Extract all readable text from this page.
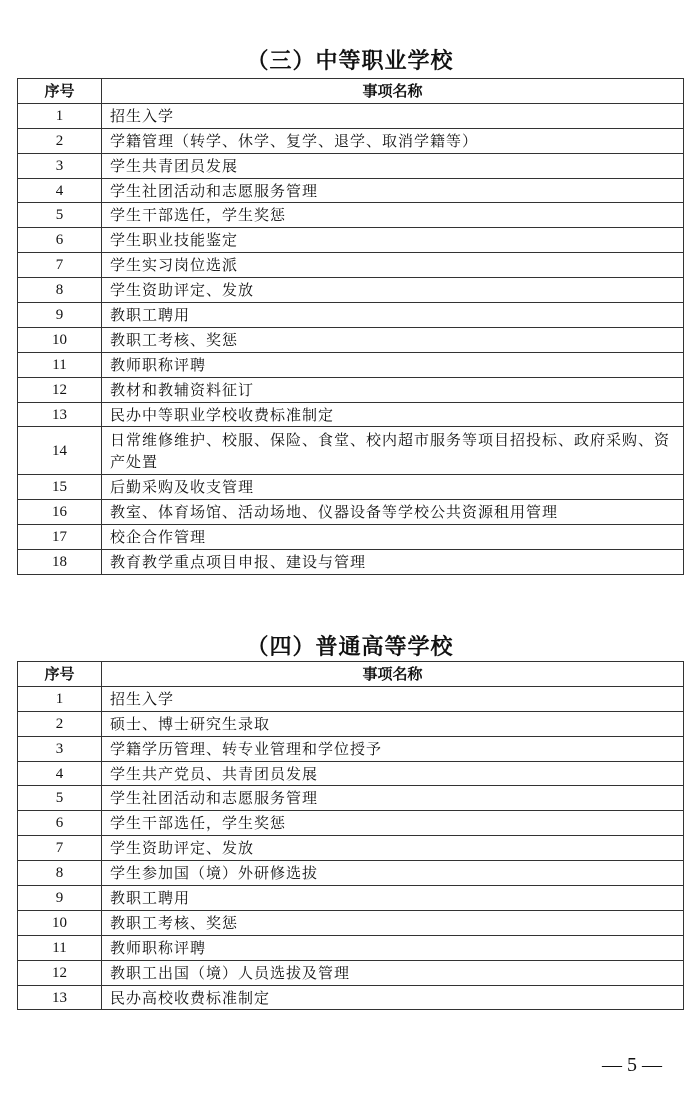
（三）中等职业学校
序号	事项名称
1	招生入学
2	学籍管理（转学、休学、复学、退学、取消学籍等）
3	学生共青团员发展
4	学生社团活动和志愿服务管理
5	学生干部选任，学生奖惩
6	学生职业技能鉴定
7	学生实习岗位选派
8	学生资助评定、发放
9	教职工聘用
10	教职工考核、奖惩
11	教师职称评聘
12	教材和教辅资料征订
13	民办中等职业学校收费标准制定
14	日常维修维护、校服、保险、食堂、校内超市服务等项目招投标、政府采购、资产处置
15	后勤采购及收支管理
16	教室、体育场馆、活动场地、仪器设备等学校公共资源租用管理
17	校企合作管理
18	教育教学重点项目申报、建设与管理
（四）普通高等学校
序号	事项名称
1	招生入学
2	硕士、博士研究生录取
3	学籍学历管理、转专业管理和学位授予
4	学生共产党员、共青团员发展
5	学生社团活动和志愿服务管理
6	学生干部选任，学生奖惩
7	学生资助评定、发放
8	学生参加国（境）外研修选拔
9	教职工聘用
10	教职工考核、奖惩
11	教师职称评聘
12	教职工出国（境）人员选拔及管理
13	民办高校收费标准制定
— 5 —
